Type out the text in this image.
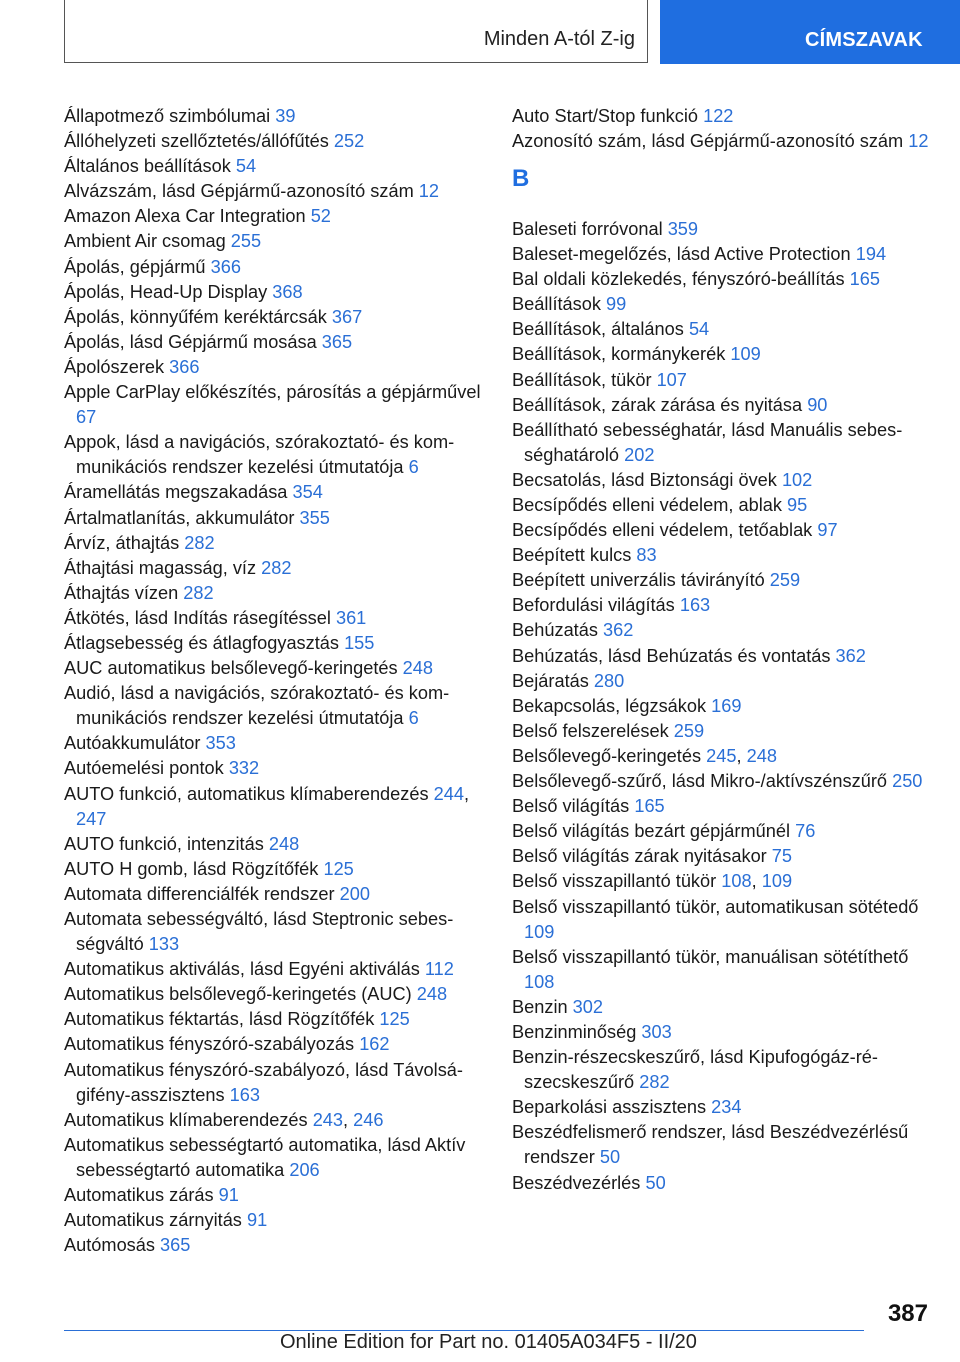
Minden A-tól Z-ig	CÍMSZAVAK
Állapotmező szimbólumai 39
Állóhelyzeti szellőztetés/állófűtés 252
Általános beállítások 54
Alvázszám, lásd Gépjármű-azonosító szám 12
Amazon Alexa Car Integration 52
Ambient Air csomag 255
Ápolás, gépjármű 366
Ápolás, Head-Up Display 368
Ápolás, könnyűfém keréktárcsák 367
Ápolás, lásd Gépjármű mosása 365
Ápolószerek 366
Apple CarPlay előkészítés, párosítás a gépjárművel 67
Appok, lásd a navigációs, szórakoztató- és kommunikációs rendszer kezelési útmutatója 6
Áramellátás megszakadása 354
Ártalmatlanítás, akkumulátor 355
Árvíz, áthajtás 282
Áthajtási magasság, víz 282
Áthajtás vízen 282
Átkötés, lásd Indítás rásegítéssel 361
Átlagsebesség és átlagfogyasztás 155
AUC automatikus belsőlevegő-keringetés 248
Audió, lásd a navigációs, szórakoztató- és kommunikációs rendszer kezelési útmutatója 6
Autóakkumulátor 353
Autóemelési pontok 332
AUTO funkció, automatikus klímaberendezés 244, 247
AUTO funkció, intenzitás 248
AUTO H gomb, lásd Rögzítőfék 125
Automata differenciálfék rendszer 200
Automata sebességváltó, lásd Steptronic sebességváltó 133
Automatikus aktiválás, lásd Egyéni aktiválás 112
Automatikus belsőlevegő-keringetés (AUC) 248
Automatikus féktartás, lásd Rögzítőfék 125
Automatikus fényszóró-szabályozás 162
Automatikus fényszóró-szabályozó, lásd Távolságifény-asszisztens 163
Automatikus klímaberendezés 243, 246
Automatikus sebességtartó automatika, lásd Aktív sebességtartó automatika 206
Automatikus zárás 91
Automatikus zárnyitás 91
Autómosás 365
Auto Start/Stop funkció 122
Azonosító szám, lásd Gépjármű-azonosító szám 12
B
Baleseti forróvonal 359
Baleset-megelőzés, lásd Active Protection 194
Bal oldali közlekedés, fényszóró-beállítás 165
Beállítások 99
Beállítások, általános 54
Beállítások, kormánykerék 109
Beállítások, tükör 107
Beállítások, zárak zárása és nyitása 90
Beállítható sebességhatár, lásd Manuális sebességhatároló 202
Becsatolás, lásd Biztonsági övek 102
Becsípődés elleni védelem, ablak 95
Becsípődés elleni védelem, tetőablak 97
Beépített kulcs 83
Beépített univerzális távirányító 259
Befordulási világítás 163
Behúzatás 362
Behúzatás, lásd Behúzatás és vontatás 362
Bejáratás 280
Bekapcsolás, légzsákok 169
Belső felszerelések 259
Belsőlevegő-keringetés 245, 248
Belsőlevegő-szűrő, lásd Mikro-/aktívszénszűrő 250
Belső világítás 165
Belső világítás bezárt gépjárműnél 76
Belső világítás zárak nyitásakor 75
Belső visszapillantó tükör 108, 109
Belső visszapillantó tükör, automatikusan sötétedő 109
Belső visszapillantó tükör, manuálisan sötétíthető 108
Benzin 302
Benzinminőség 303
Benzin-részecskeszűrő, lásd Kipufogógáz-részecskeszűrő 282
Beparkolási asszisztens 234
Beszédfelismerő rendszer, lásd Beszédvezérlésű rendszer 50
Beszédvezérlés 50
387
Online Edition for Part no. 01405A034F5 - II/20
